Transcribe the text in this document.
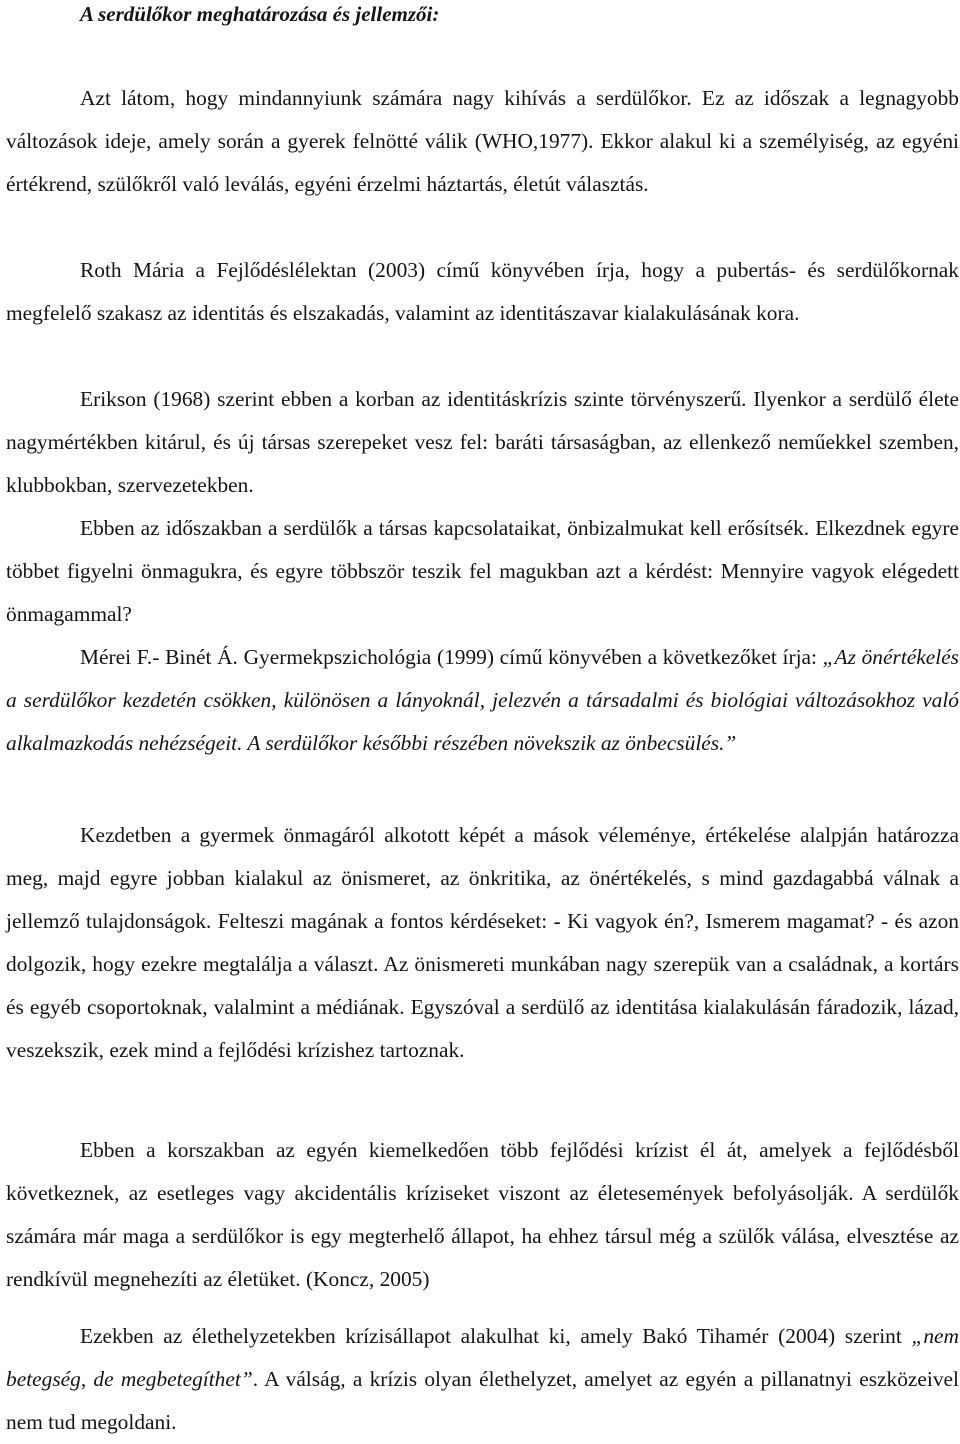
A serdülőkor meghatározása és jellemzői:

Azt látom, hogy mindannyiunk számára nagy kihívás a serdülőkor. Ez az időszak a legnagyobb változások ideje, amely során a gyerek felnötté válik (WHO,1977). Ekkor alakul ki a személyiség, az egyéni értékrend, szülőkről való leválás, egyéni érzelmi háztartás, életút választás.

Roth Mária a Fejlődéslélektan (2003) című könyvében írja, hogy a pubertás- és serdülőkornak megfelelő szakasz az identitás és elszakadás, valamint az identitászavar kialakulásának kora.

Erikson (1968) szerint ebben a korban az identitáskrízis szinte törvényszerű. Ilyenkor a serdülő élete nagymértékben kitárul, és új társas szerepeket vesz fel: baráti társaságban, az ellenkező neműekkel szemben, klubbokban, szervezetekben.

Ebben az időszakban a serdülők a társas kapcsolataikat, önbizalmukat kell erősítsék. Elkezdnek egyre többet figyelni önmagukra, és egyre többször teszik fel magukban azt a kérdést: Mennyire vagyok elégedett önmagammal?

Mérei F.- Binét Á. Gyermekpszichológia (1999) című könyvében a következőket írja: „Az önértékelés a serdülőkor kezdetén csökken, különösen a lányoknál, jelezvén a társadalmi és biológiai változásokhoz való alkalmazkodás nehézségeit. A serdülőkor későbbi részében növekszik az önbecsülés.”

Kezdetben a gyermek önmagáról alkotott képét a mások véleménye, értékelése alalpján határozza meg, majd egyre jobban kialakul az önismeret, az önkritika, az önértékelés, s mind gazdagabbá válnak a jellemző tulajdonságok. Felteszi magának a fontos kérdéseket: - Ki vagyok én?, Ismerem magamat? - és azon dolgozik, hogy ezekre megtalálja a választ. Az önismereti munkában nagy szerepük van a családnak, a kortárs és egyéb csoportoknak, valalmint a médiának. Egyszóval a serdülő az identitása kialakulásán fáradozik, lázad, veszekszik, ezek mind a fejlődési krízishez tartoznak.

Ebben a korszakban az egyén kiemelkedően több fejlődési krízist él át, amelyek a fejlődésből következnek, az esetleges vagy akcidentális kríziseket viszont az életesemények befolyásolják. A serdülők számára már maga a serdülőkor is egy megterhelő állapot, ha ehhez társul még a szülők válása, elvesztése az rendkívül megnehezíti az életüket. (Koncz, 2005)

Ezekben az élethelyzetekben krízisállapot alakulhat ki, amely Bakó Tihamér (2004) szerint „nem betegség, de megbetegíthet”. A válság, a krízis olyan élethelyzet, amelyet az egyén a pillanatnyi eszközeivel nem tud megoldani.
